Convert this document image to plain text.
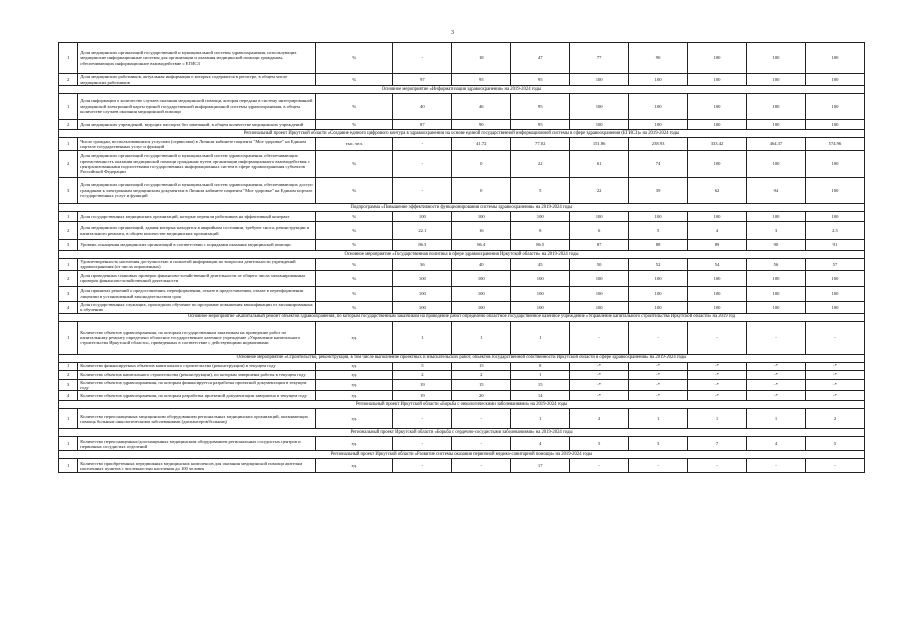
3
1	Доля медицинских организаций государственной и муниципальной системы здравоохранения, использующих медицинские информационные системы для организации и оказания медицинской помощи гражданам, обеспечивающих информационное взаимодействие с ЕГИСЗ	%	-	18	47	77	90	100	100	100
2	Доля медицинских работников, актуальная информация о которых содержится в регистре, в общем числе медицинских работников	%	97	95	95	100	100	100	100	100
Основное мероприятие «Информатизация здравоохранения» на 2019-2024 годы										
1	Доля информации о количестве случаев оказания медицинской помощи, которая передана в систему интегрированной медицинской электронной карты единой государственной информационной системы здравоохранения, в общем количестве случаев оказания медицинской помощи	%	40	46	95	100	100	100	100	100
2	Доля медицинских учреждений, ведущих паспорта без замечаний, в общем количестве медицинских учреждений	%	87	90	95	100	100	100	100	100
Региональный проект Иркутской области «Создание единого цифрового контура в здравоохранении на основе единой государственной информационной системы в сфере здравоохранения (ЕГИСЗ)» на 2019-2024 годы										
1	Число граждан, воспользовавшихся услугами (сервисами) в Личном кабинете пациента "Мое здоровье" на Едином портале государственных услуг и функций	тыс. чел.	-	41.72	77.02	151.86	238.93	333.42	464.37	574.96
2	Доля медицинских организаций государственной и муниципальной систем здравоохранения, обеспечивающих преемственность оказания медицинской помощи гражданам путем организации информационного взаимодействия с централизованными подсистемами государственных информационных систем в сфере здравоохранения субъектов Российской Федерации	%	-	0	22	61	74	100	100	100
3	Доля медицинских организаций государственной и муниципальной систем здравоохранения, обеспечивающих доступ гражданам к электронным медицинским документам в Личном кабинете пациента "Мое здоровье" на Едином портале государственных услуг и функций	%	-	0	5	22	39	62	94	100
Подпрограмма «Повышение эффективности функционирования системы здравоохранения» на 2019-2024 годы										
1	Доля государственных медицинских организаций, которые перешли работников на эффективный контракт	%	100	100	100	100	100	100	100	100
2	Доля медицинских организаций, здания которых находятся в аварийном состоянии, требуют сноса, реконструкции и капитального ремонта, в общем количестве медицинских организаций	%	22.1	16	8	6	5	4	3	2.5
3	Уровень оснащения медицинских организаций в соответствии с порядками оказания медицинской помощи	%	86.3	86.4	86.5	87	88	89	90	91
Основное мероприятие «Государственная политика в сфере здравоохранения Иркутской области» на 2019-2024 годы										
1	Удовлетворенность населения доступностью и полнотой информации по вопросам деятельности учреждений здравоохранения (от числа опрошенных)	%	36	40	45	50	52	54	56	57
2	Доля проведенных плановых проверок финансово-хозяйственной деятельности от общего числа запланированных проверок финансово-хозяйственной деятельности	%	100	100	100	100	100	100	100	100
3	Доля принятых решений о предоставлении, переоформлении, отказе в предоставлении, отказе в переоформлении лицензии в установленный законодательством срок	%	100	100	100	100	100	100	100	100
4	Доля государственных служащих, прошедших обучение по программе повышения квалификации от запланированных к обучению	%	100	100	100	100	100	100	100	100
Основное мероприятие «Капитальный ремонт объектов здравоохранения, по которым государственным заказчиком на проведение работ определено областное государственное казенное учреждение «Управление капитального строительства Иркутской области» на 2019 год										
1	Количество объектов здравоохранения, по которым государственным заказчиком на проведение работ по капитальному ремонту определено областное государственное казенное учреждение «Управление капитального строительства Иркутской области», приведенных в соответствие с действующими нормативами	ед.	1	1	1	-	-	-	-	-
Основное мероприятие «Строительство, реконструкция, в том числе выполнение проектных и изыскательских работ, объектов государственной собственности Иркутской области в сфере здравоохранения» на 2019-2024 годы										
1	Количество финансируемых объектов капитального строительства (реконструкции) в текущем году	ед.	5	15	8	-*	-*	-*	-*	-*
2	Количество объектов капитального строительства (реконструкции), по которым завершены работы в текущем году	ед.	2	2	1	-*	-*	-*	-*	-*
3	Количество объектов здравоохранения, по которым финансируется разработка проектной документации в текущем году	ед.	19	15	15	-*	-*	-*	-*	-*
4	Количество объектов здравоохранения, по которым разработка проектной документации завершена в текущем году	ед.	19	20	14	-*	-*	-*	-*	-*
Региональный проект Иркутской области «Борьба с онкологическими заболеваниями» на 2019-2024 годы										
1	Количество переоснащенных медицинским оборудованием региональных медицинских организаций, оказывающих помощь больным онкологическими заболеваниями (диспансеров/больниц)	ед.	-	-	1	2	1	1	1	2
Региональный проект Иркутской области «Борьба с сердечно-сосудистыми заболеваниями» на 2019-2024 годы										
1	Количество переоснащенных/дооснащенных медицинским оборудованием региональных сосудистых центров и первичных сосудистых отделений	ед.	-	-	4	5	3	7	4	5
Региональный проект Иркутской области «Развитие системы оказания первичной медико-санитарной помощи» на 2019-2024 годы										
1	Количество приобретенных передвижных медицинских комплексов для оказания медицинской помощи жителям населенных пунктов с численностью населения до 100 человек	ед.	-	-	17	-	-	-	-	-
